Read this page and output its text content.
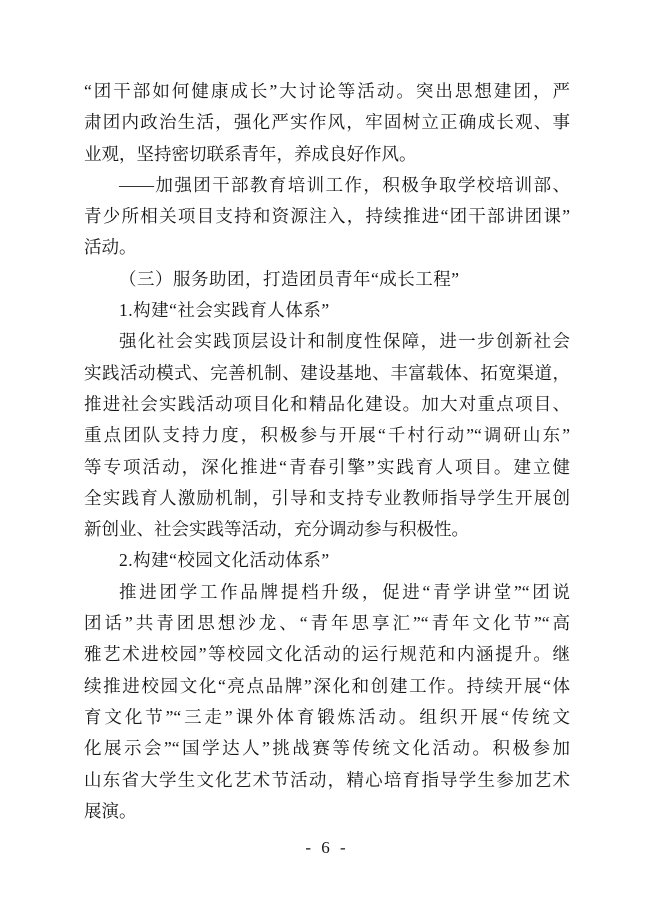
“团干部如何健康成长”大讨论等活动。突出思想建团，严
肃团内政治生活，强化严实作风，牢固树立正确成长观、事
业观，坚持密切联系青年，养成良好作风。
——加强团干部教育培训工作，积极争取学校培训部、
青少所相关项目支持和资源注入，持续推进“团干部讲团课”
活动。
（三）服务助团，打造团员青年“成长工程”
1.构建“社会实践育人体系”
强化社会实践顶层设计和制度性保障，进一步创新社会
实践活动模式、完善机制、建设基地、丰富载体、拓宽渠道，
推进社会实践活动项目化和精品化建设。加大对重点项目、
重点团队支持力度，积极参与开展“千村行动”“调研山东”
等专项活动，深化推进“青春引擎”实践育人项目。建立健
全实践育人激励机制，引导和支持专业教师指导学生开展创
新创业、社会实践等活动，充分调动参与积极性。
2.构建“校园文化活动体系”
推进团学工作品牌提档升级，促进“青学讲堂”“团说
团话”共青团思想沙龙、“青年思享汇”“青年文化节”“高
雅艺术进校园”等校园文化活动的运行规范和内涵提升。继
续推进校园文化“亮点品牌”深化和创建工作。持续开展“体
育文化节”“三走”课外体育锻炼活动。组织开展“传统文
化展示会”“国学达人”挑战赛等传统文化活动。积极参加
山东省大学生文化艺术节活动，精心培育指导学生参加艺术
展演。
- 6 -
